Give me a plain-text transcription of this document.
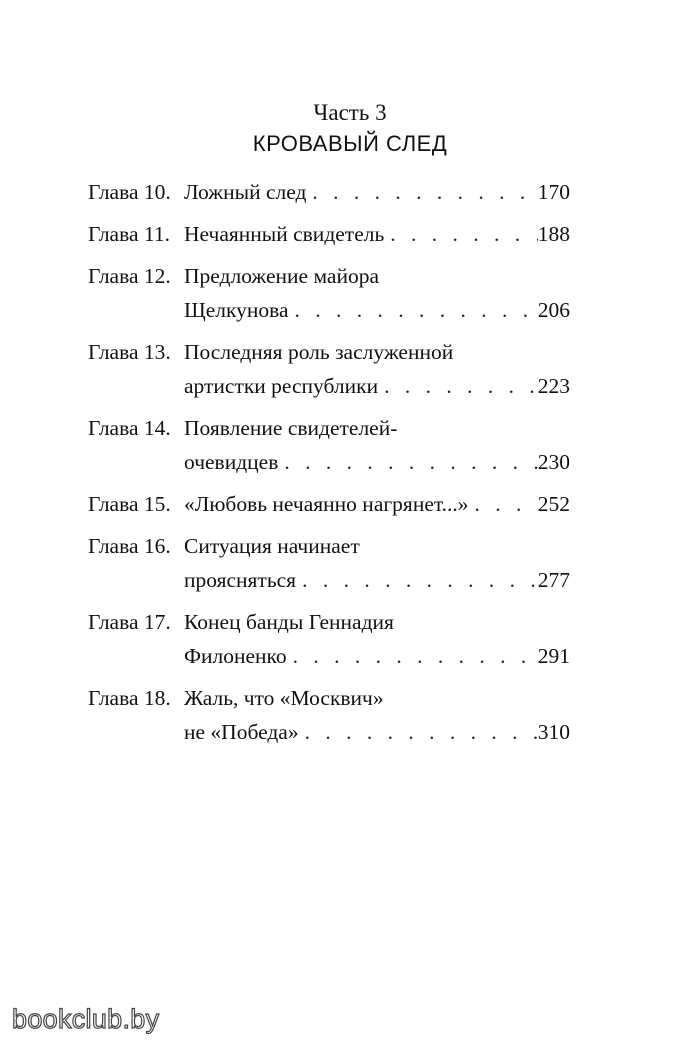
Часть 3
КРОВАВЫЙ СЛЕД
Глава 10. Ложный след . . .	170
Глава 11. Нечаянный свидетель . . .	188
Глава 12. Предложение майора
Щелкунова . . .	206
Глава 13. Последняя роль заслуженной
артистки республики . . .	223
Глава 14. Появление свидетелей-
очевидцев . . .	230
Глава 15. «Любовь нечаянно нагрянет...» . . .	252
Глава 16. Ситуация начинает
проясняться . . .	277
Глава 17. Конец банды Геннадия
Филоненко . . .	291
Глава 18. Жаль, что «Москвич»
не «Победа» . . .	310
bookclub.by
